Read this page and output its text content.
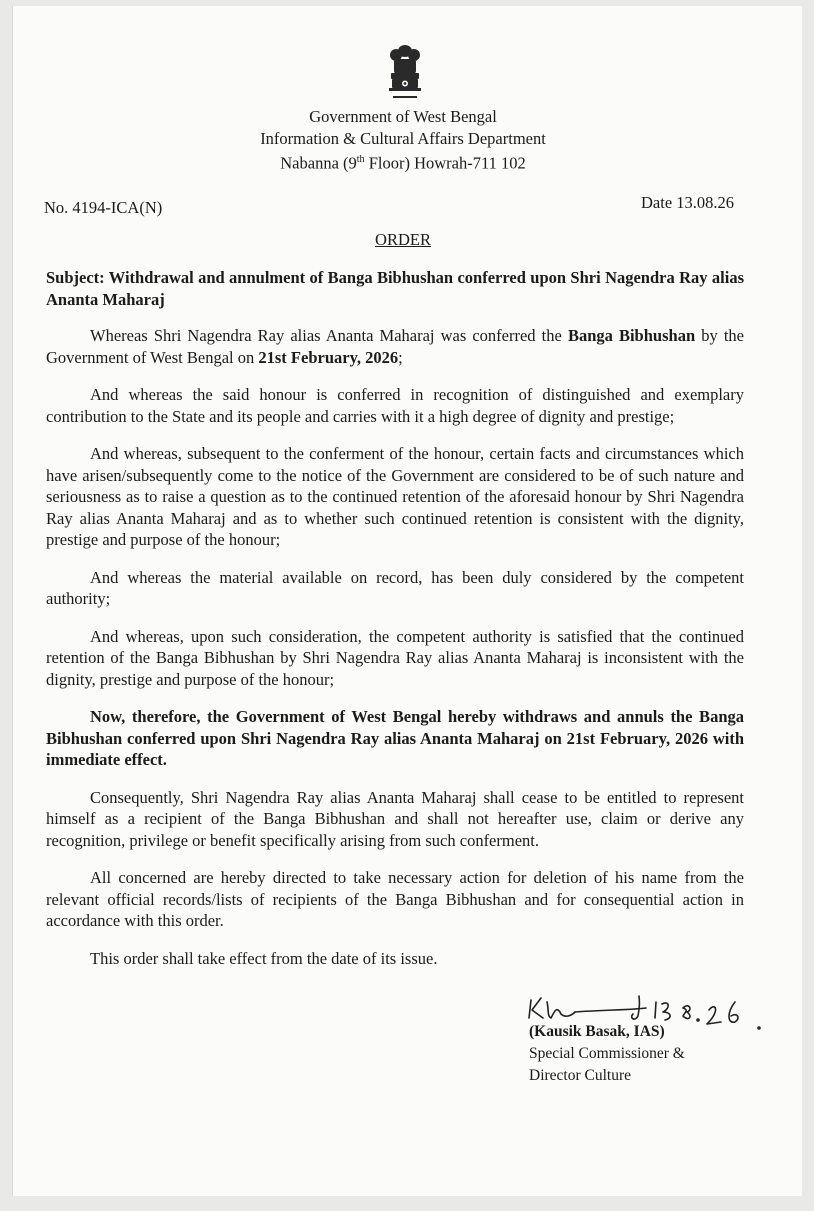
Government of West Bengal
Information & Cultural Affairs Department
Nabanna (9th Floor) Howrah-711 102
No. 4194-ICA(N)	Date 13.08.26
ORDER

Subject: Withdrawal and annulment of Banga Bibhushan conferred upon Shri Nagendra Ray alias Ananta Maharaj

Whereas Shri Nagendra Ray alias Ananta Maharaj was conferred the Banga Bibhushan by the Government of West Bengal on 21st February, 2026;

And whereas the said honour is conferred in recognition of distinguished and exemplary contribution to the State and its people and carries with it a high degree of dignity and prestige;

And whereas, subsequent to the conferment of the honour, certain facts and circumstances which have arisen/subsequently come to the notice of the Government are considered to be of such nature and seriousness as to raise a question as to the continued retention of the aforesaid honour by Shri Nagendra Ray alias Ananta Maharaj and as to whether such continued retention is consistent with the dignity, prestige and purpose of the honour;

And whereas the material available on record, has been duly considered by the competent authority;

And whereas, upon such consideration, the competent authority is satisfied that the continued retention of the Banga Bibhushan by Shri Nagendra Ray alias Ananta Maharaj is inconsistent with the dignity, prestige and purpose of the honour;

Now, therefore, the Government of West Bengal hereby withdraws and annuls the Banga Bibhushan conferred upon Shri Nagendra Ray alias Ananta Maharaj on 21st February, 2026 with immediate effect.

Consequently, Shri Nagendra Ray alias Ananta Maharaj shall cease to be entitled to represent himself as a recipient of the Banga Bibhushan and shall not hereafter use, claim or derive any recognition, privilege or benefit specifically arising from such conferment.

All concerned are hereby directed to take necessary action for deletion of his name from the relevant official records/lists of recipients of the Banga Bibhushan and for consequential action in accordance with this order.

This order shall take effect from the date of its issue.

(Kausik Basak, IAS)
Special Commissioner &
Director Culture
